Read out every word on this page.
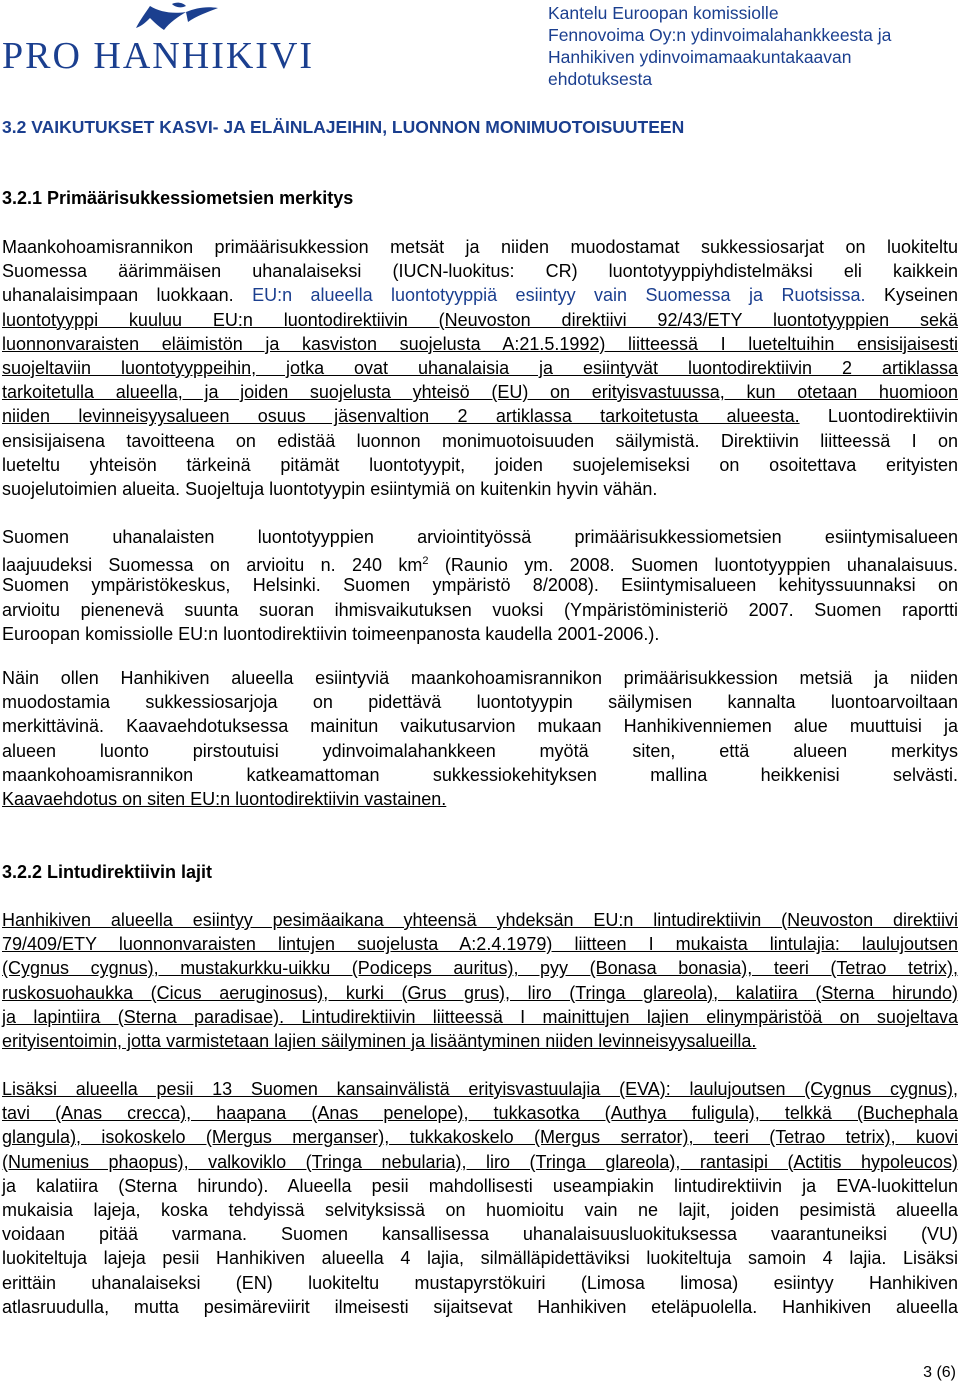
PRO HANHIKIVI
Kantelu Euroopan komissiolle
Fennovoima Oy:n ydinvoimalahankkeesta ja
Hanhikiven ydinvoimamaakuntakaavan
ehdotuksesta
3.2 VAIKUTUKSET KASVI- JA ELÄINLAJEIHIN, LUONNON MONIMUOTOISUUTEEN
3.2.1 Primäärisukkessiometsien merkitys
Maankohoamisrannikon primäärisukkession metsät ja niiden muodostamat sukkessiosarjat on luokiteltu
Suomessa äärimmäisen uhanalaiseksi (IUCN-luokitus: CR) luontotyyppiyhdistelmäksi eli kaikkein
uhanalaisimpaan luokkaan. EU:n alueella luontotyyppiä esiintyy vain Suomessa ja Ruotsissa. Kyseinen
luontotyyppi kuuluu EU:n luontodirektiivin (Neuvoston direktiivi 92/43/ETY luontotyyppien sekä
luonnonvaraisten eläimistön ja kasviston suojelusta A:21.5.1992) liitteessä I lueteltuihin ensisijaisesti
suojeltaviin luontotyyppeihin, jotka ovat uhanalaisia ja esiintyvät luontodirektiivin 2 artiklassa
tarkoitetulla alueella, ja joiden suojelusta yhteisö (EU) on erityisvastuussa, kun otetaan huomioon
niiden levinneisyysalueen osuus jäsenvaltion 2 artiklassa tarkoitetusta alueesta. Luontodirektiivin
ensisijaisena tavoitteena on edistää luonnon monimuotoisuuden säilymistä. Direktiivin liitteessä I on
lueteltu yhteisön tärkeinä pitämät luontotyypit, joiden suojelemiseksi on osoitettava erityisten
suojelutoimien alueita. Suojeltuja luontotyypin esiintymiä on kuitenkin hyvin vähän.
Suomen uhanalaisten luontotyyppien arviointityössä primäärisukkessiometsien esiintymisalueen
laajuudeksi Suomessa on arvioitu n. 240 $km^2$ (Raunio ym. 2008. Suomen luontotyyppien uhanalaisuus.
Suomen ympäristökeskus, Helsinki. Suomen ympäristö 8/2008). Esiintymisalueen kehityssuunnaksi on
arvioitu pienenevä suunta suoran ihmisvaikutuksen vuoksi (Ympäristöministeriö 2007. Suomen raportti
Euroopan komissiolle EU:n luontodirektiivin toimeenpanosta kaudella 2001-2006.).
Näin ollen Hanhikiven alueella esiintyviä maankohoamisrannikon primäärisukkession metsiä ja niiden
muodostamia sukkessiosarjoja on pidettävä luontotyypin säilymisen kannalta luontoarvoiltaan
merkittävinä. Kaavaehdotuksessa mainitun vaikutusarvion mukaan Hanhikivenniemen alue muuttuisi ja
alueen luonto pirstoutuisi ydinvoimalahankkeen myötä siten, että alueen merkitys
maankohoamisrannikon katkeamattoman sukkessiokehityksen mallina heikkenisi selvästi.
Kaavaehdotus on siten EU:n luontodirektiivin vastainen.
3.2.2 Lintudirektiivin lajit
Hanhikiven alueella esiintyy pesimäaikana yhteensä yhdeksän EU:n lintudirektiivin (Neuvoston direktiivi
79/409/ETY luonnonvaraisten lintujen suojelusta A:2.4.1979) liitteen I mukaista lintulajia: laulujoutsen
(Cygnus cygnus), mustakurkku-uikku (Podiceps auritus), pyy (Bonasa bonasia), teeri (Tetrao tetrix),
ruskosuohaukka (Cicus aeruginosus), kurki (Grus grus), liro (Tringa glareola), kalatiira (Sterna hirundo)
ja lapintiira (Sterna paradisae). Lintudirektiivin liitteessä I mainittujen lajien elinympäristöä on suojeltava
erityisentoimin, jotta varmistetaan lajien säilyminen ja lisääntyminen niiden levinneisyysalueilla.
Lisäksi alueella pesii 13 Suomen kansainvälistä erityisvastuulajia (EVA): laulujoutsen (Cygnus cygnus),
tavi (Anas crecca), haapana (Anas penelope), tukkasotka (Authya fuligula), telkkä (Buchephala
glangula), isokoskelo (Mergus merganser), tukkakoskelo (Mergus serrator), teeri (Tetrao tetrix), kuovi
(Numenius phaopus), valkoviklo (Tringa nebularia), liro (Tringa glareola), rantasipi (Actitis hypoleucos)
ja kalatiira (Sterna hirundo). Alueella pesii mahdollisesti useampiakin lintudirektiivin ja EVA-luokittelun
mukaisia lajeja, koska tehdyissä selvityksissä on huomioitu vain ne lajit, joiden pesimistä alueella
voidaan pitää varmana. Suomen kansallisessa uhanalaisuusluokituksessa vaarantuneiksi (VU)
luokiteltuja lajeja pesii Hanhikiven alueella 4 lajia, silmälläpidettäviksi luokiteltuja samoin 4 lajia. Lisäksi
erittäin uhanalaiseksi (EN) luokiteltu mustapyrstökuiri (Limosa limosa) esiintyy Hanhikiven
atlasruudulla, mutta pesimäreviirit ilmeisesti sijaitsevat Hanhikiven eteläpuolella. Hanhikiven alueella
3 (6)
